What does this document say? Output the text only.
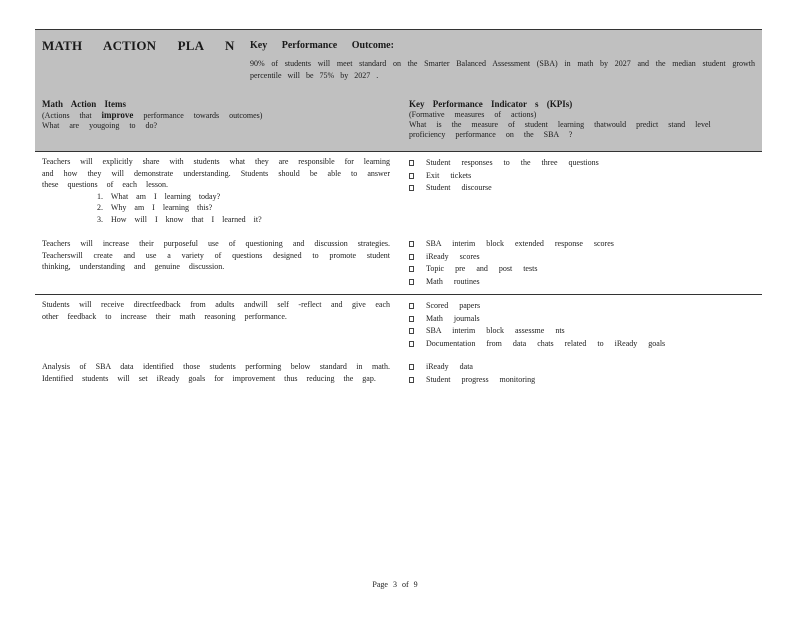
MATH ACTION PLA N Key Performance Outcome:
90% of students will meet standard on the Smarter Balanced Assessment (SBA) in math by 2027 and the median student growth percentile will be 75% by 2027 .
Math Action Items
(Actions that improve performance towards outcomes)
What are yougoing to do?
Key Performance Indicator s (KPIs)
(Formative measures of actions)
What is the measure of student learning thatwould predict stand level proficiency performance on the SBA ?
Teachers will explicitly share with students what they are responsible for learning and how they will demonstrate understanding. Students should be able to answer these questions of each lesson.
1. What am I learning today?
2. Why am I learning this?
3. How will I know that I learned it?
Student responses to the three questions
Exit tickets
Student discourse
Teachers will increase their purposeful use of questioning and discussion strategies. Teacherswill create and use a variety of questions designed to promote student thinking, understanding and genuine discussion.
SBA interim block extended response scores
iReady scores
Topic pre and post tests
Math routines
Students will receive directfeedback from adults andwill self -reflect and give each other feedback to increase their math reasoning performance.
Scored papers
Math journals
SBA interim block assessme nts
Documentation from data chats related to iReady goals
Analysis of SBA data identified those students performing below standard in math. Identified students will set iReady goals for improvement thus reducing the gap.
iReady data
Student progress monitoring
Page 3 of 9
